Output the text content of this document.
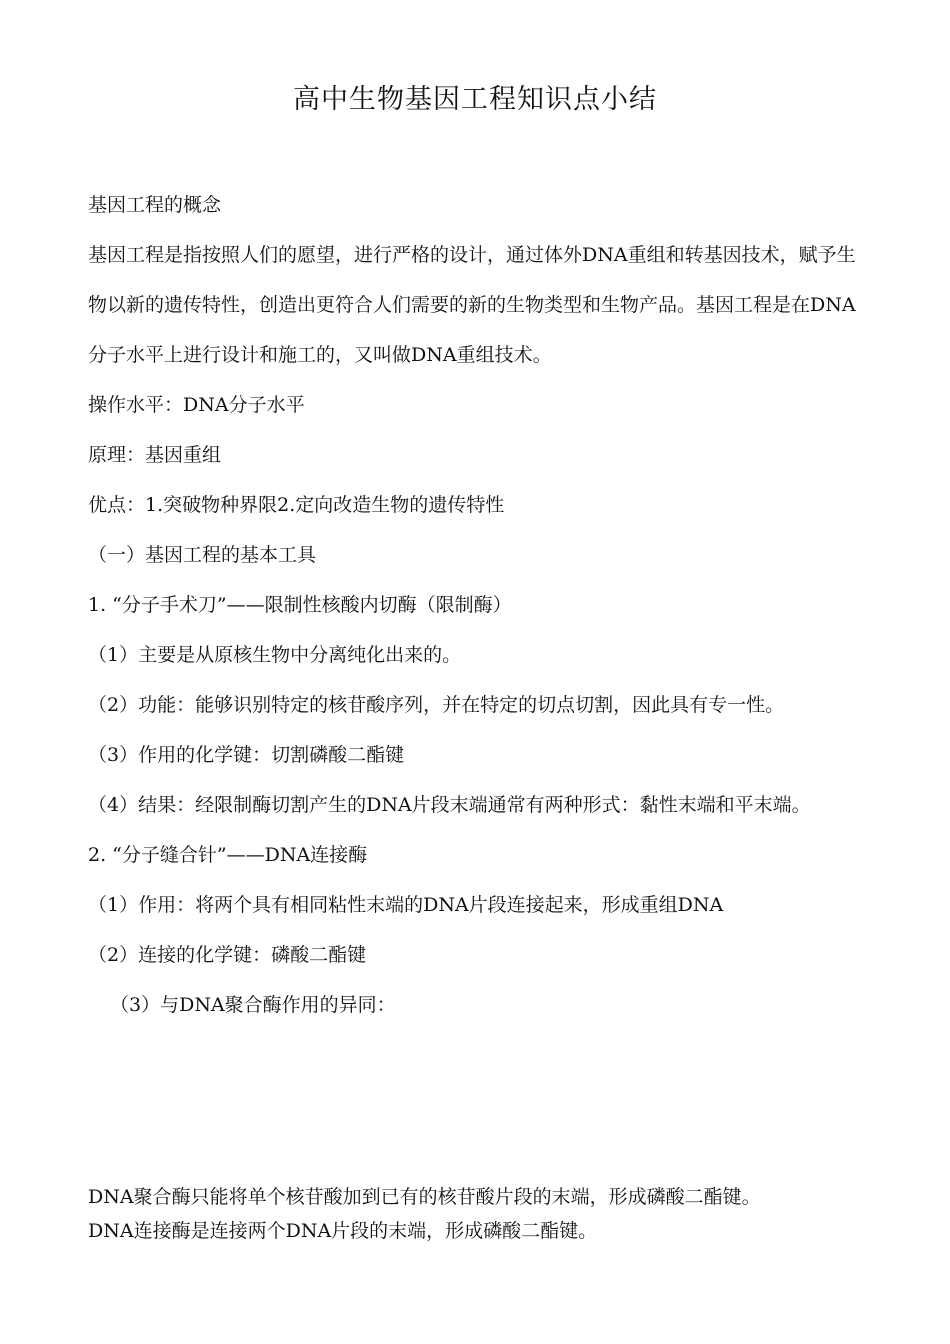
高中生物基因工程知识点小结

基因工程的概念

基因工程是指按照人们的愿望，进行严格的设计，通过体外DNA重组和转基因技术，赋予生物以新的遗传特性，创造出更符合人们需要的新的生物类型和生物产品。基因工程是在DNA分子水平上进行设计和施工的，又叫做DNA重组技术。

操作水平：DNA分子水平

原理：基因重组

优点：1.突破物种界限2.定向改造生物的遗传特性

（一）基因工程的基本工具

1. “分子手术刀”——限制性核酸内切酶（限制酶）

（1）主要是从原核生物中分离纯化出来的。

（2）功能：能够识别特定的核苷酸序列，并在特定的切点切割，因此具有专一性。

（3）作用的化学键：切割磷酸二酯键

（4）结果：经限制酶切割产生的DNA片段末端通常有两种形式：黏性末端和平末端。

2. “分子缝合针”——DNA连接酶

（1）作用：将两个具有相同粘性末端的DNA片段连接起来，形成重组DNA

（2）连接的化学键：磷酸二酯键

（3）与DNA聚合酶作用的异同：

DNA聚合酶只能将单个核苷酸加到已有的核苷酸片段的末端，形成磷酸二酯键。

DNA连接酶是连接两个DNA片段的末端，形成磷酸二酯键。
